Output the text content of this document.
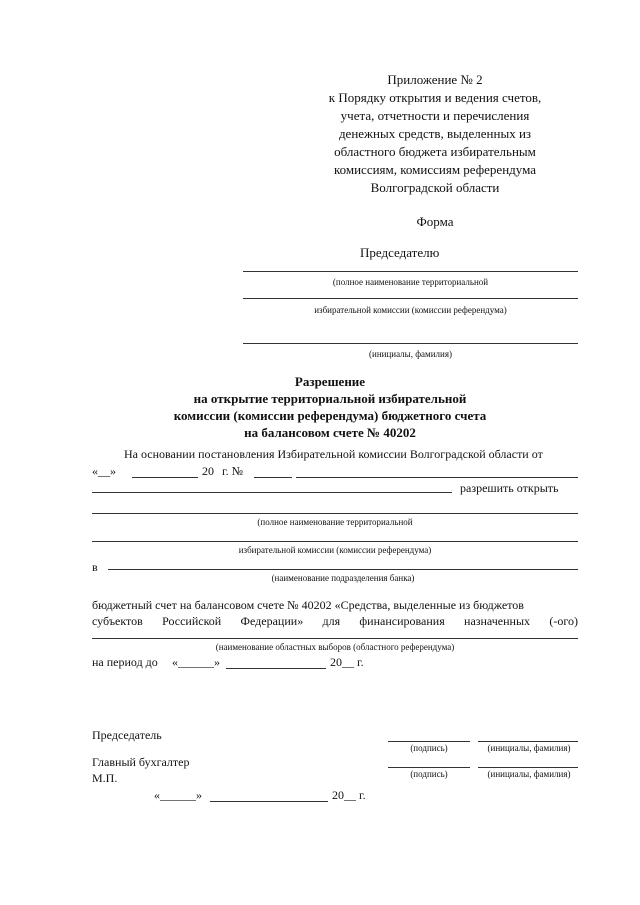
Приложение № 2
к Порядку открытия и ведения счетов,
учета, отчетности и перечисления
денежных средств, выделенных из
областного бюджета избирательным
комиссиям, комиссиям референдума
Волгоградской области
Форма
Председателю
(полное наименование территориальной
избирательной комиссии (комиссии референдума)
(инициалы, фамилия)
Разрешение
на открытие территориальной избирательной
комиссии (комиссии референдума) бюджетного счета
на балансовом счете № 40202
На основании постановления Избирательной комиссии Волгоградской области от
«__»	20 г. №
разрешить открыть
(полное наименование территориальной
избирательной комиссии (комиссии референдума)
в
(наименование подразделения банка)
бюджетный счет на балансовом счете № 40202 «Средства, выделенные из бюджетов
субъектов Российской Федерации» для финансирования назначенных (-ого)
(наименование областных выборов (областного референдума)
на период до «______»	20__ г.
Председатель
(подпись)	(инициалы, фамилия)
Главный бухгалтер
М.П.	(подпись)	(инициалы, фамилия)
«______»	20__ г.
